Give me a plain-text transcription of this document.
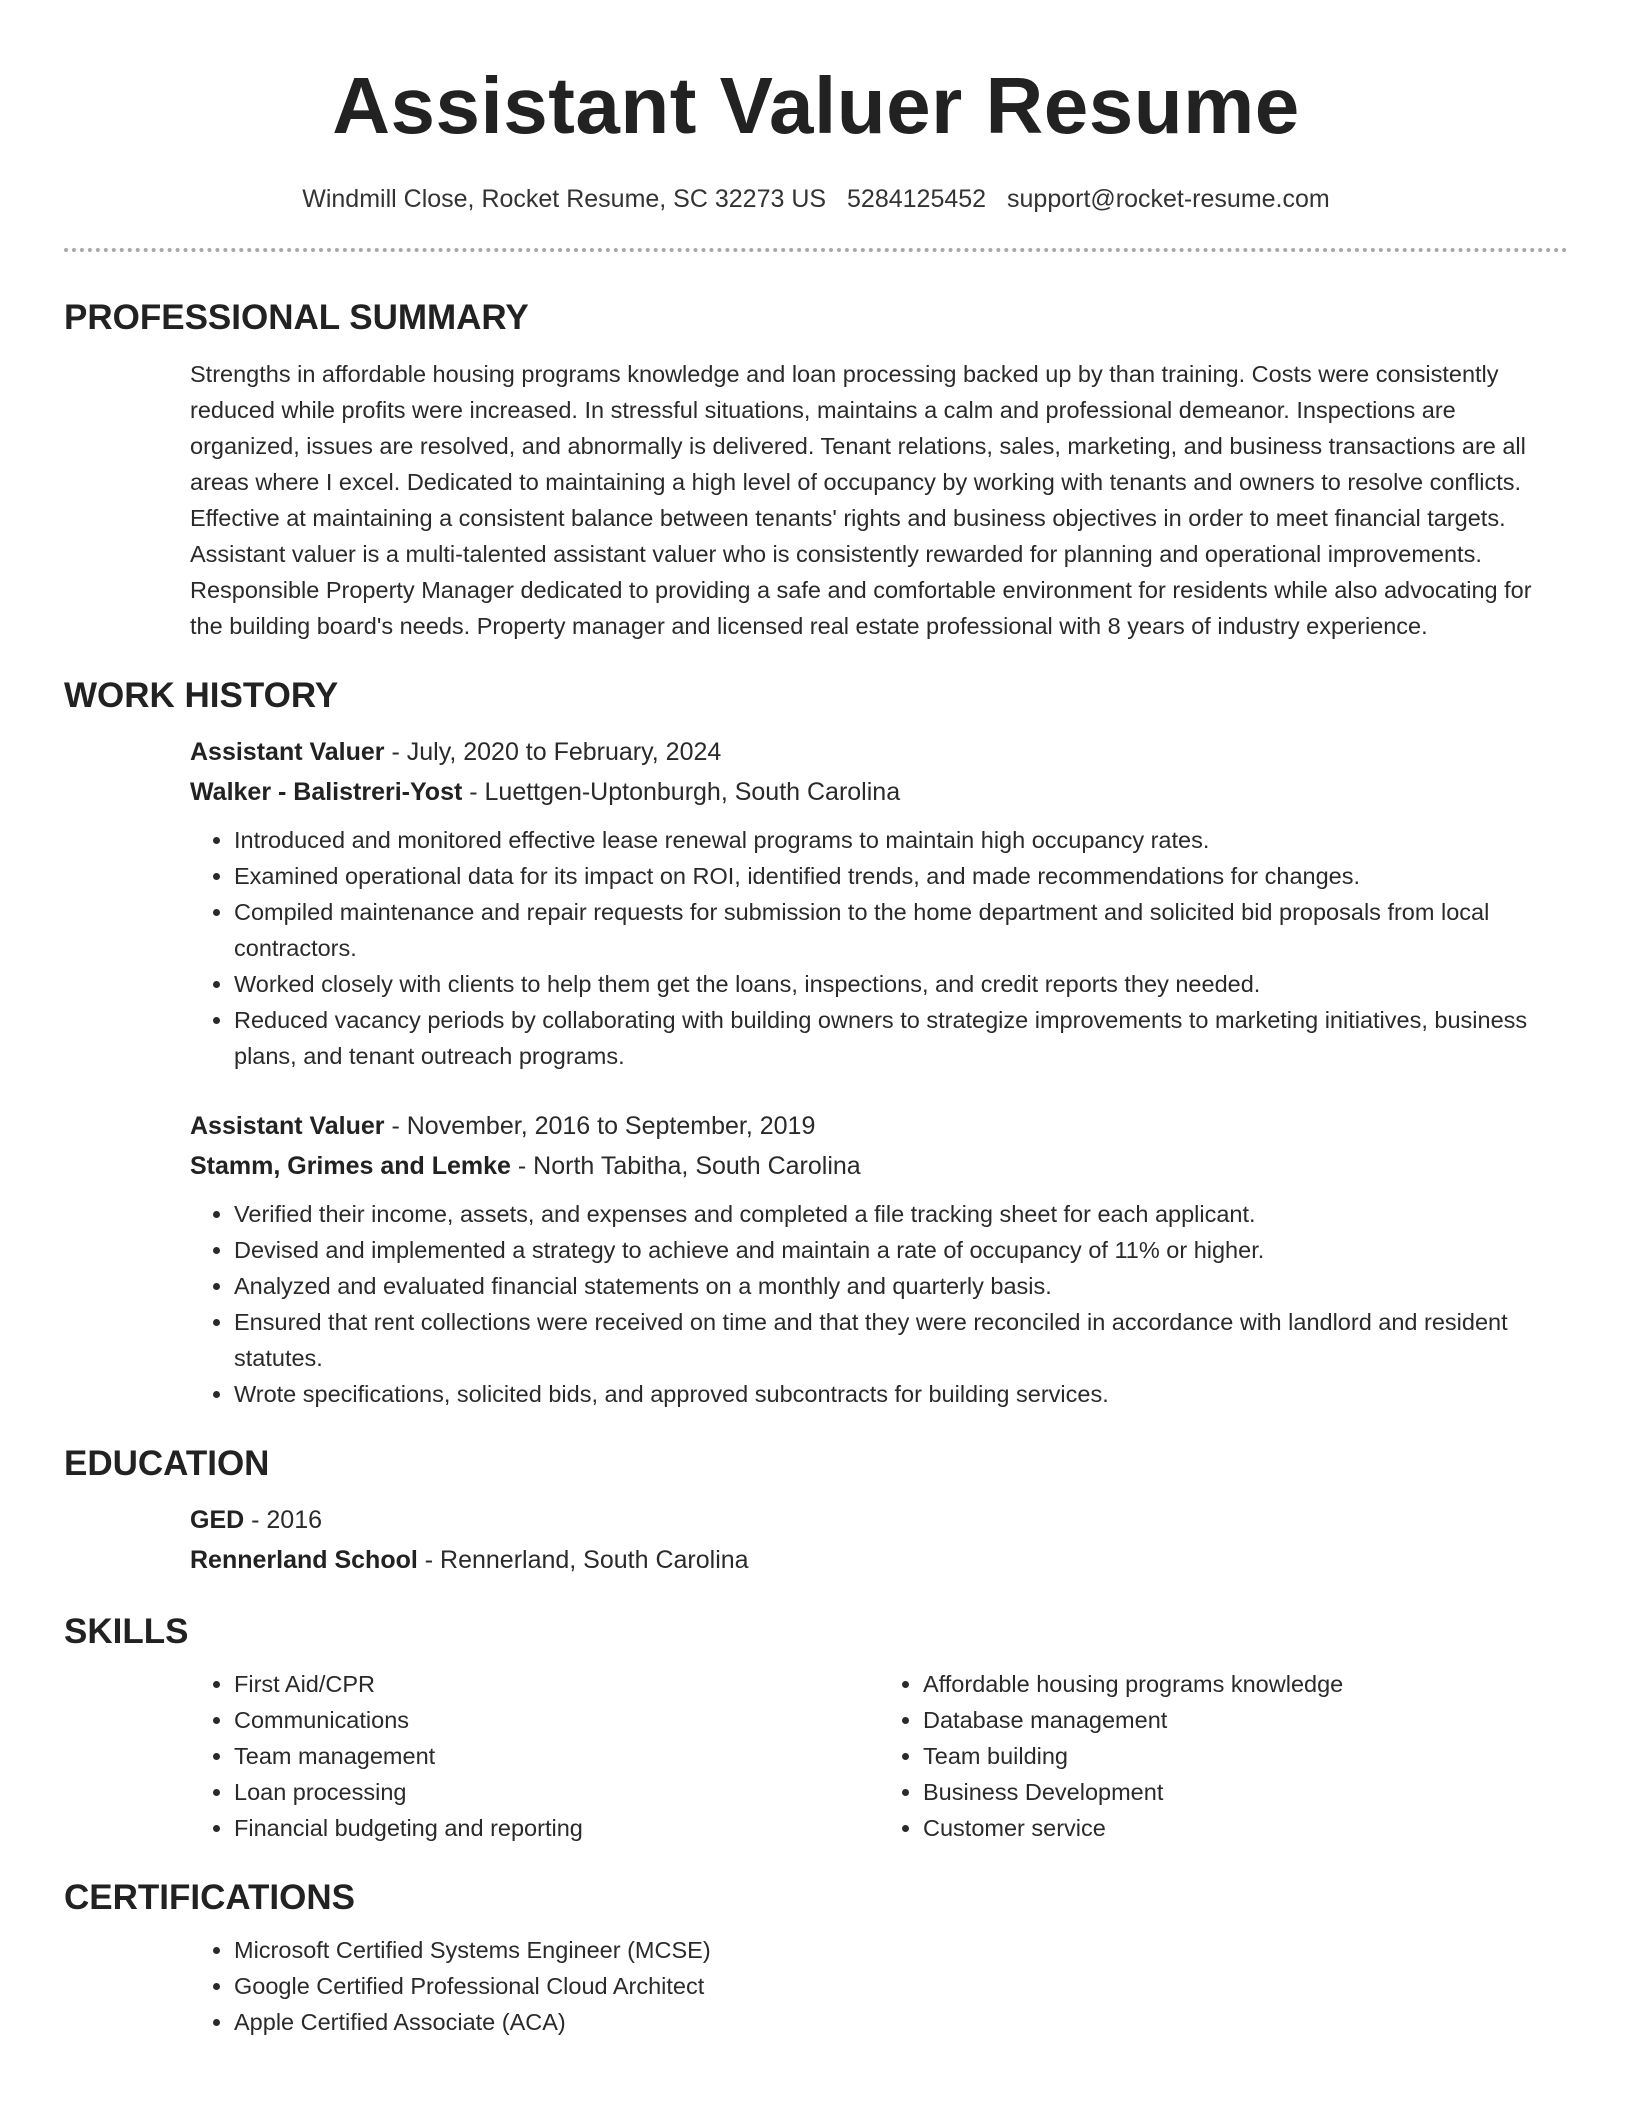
Assistant Valuer Resume
Windmill Close, Rocket Resume, SC 32273 US 5284125452 support@rocket-resume.com
PROFESSIONAL SUMMARY

Strengths in affordable housing programs knowledge and loan processing backed up by than training. Costs were consistently reduced while profits were increased. In stressful situations, maintains a calm and professional demeanor. Inspections are organized, issues are resolved, and abnormally is delivered. Tenant relations, sales, marketing, and business transactions are all areas where I excel. Dedicated to maintaining a high level of occupancy by working with tenants and owners to resolve conflicts. Effective at maintaining a consistent balance between tenants' rights and business objectives in order to meet financial targets. Assistant valuer is a multi-talented assistant valuer who is consistently rewarded for planning and operational improvements. Responsible Property Manager dedicated to providing a safe and comfortable environment for residents while also advocating for the building board's needs. Property manager and licensed real estate professional with 8 years of industry experience.

WORK HISTORY
Assistant Valuer - July, 2020 to February, 2024
Walker - Balistreri-Yost - Luettgen-Uptonburgh, South Carolina
• Introduced and monitored effective lease renewal programs to maintain high occupancy rates.
• Examined operational data for its impact on ROI, identified trends, and made recommendations for changes.
• Compiled maintenance and repair requests for submission to the home department and solicited bid proposals from local contractors.
• Worked closely with clients to help them get the loans, inspections, and credit reports they needed.
• Reduced vacancy periods by collaborating with building owners to strategize improvements to marketing initiatives, business plans, and tenant outreach programs.
Assistant Valuer - November, 2016 to September, 2019
Stamm, Grimes and Lemke - North Tabitha, South Carolina
• Verified their income, assets, and expenses and completed a file tracking sheet for each applicant.
• Devised and implemented a strategy to achieve and maintain a rate of occupancy of 11% or higher.
• Analyzed and evaluated financial statements on a monthly and quarterly basis.
• Ensured that rent collections were received on time and that they were reconciled in accordance with landlord and resident statutes.
• Wrote specifications, solicited bids, and approved subcontracts for building services.
EDUCATION
GED - 2016
Rennerland School - Rennerland, South Carolina
SKILLS
• First Aid/CPR
• Communications
• Team management
• Loan processing
• Financial budgeting and reporting
• Affordable housing programs knowledge
• Database management
• Team building
• Business Development
• Customer service
CERTIFICATIONS
• Microsoft Certified Systems Engineer (MCSE)
• Google Certified Professional Cloud Architect
• Apple Certified Associate (ACA)
